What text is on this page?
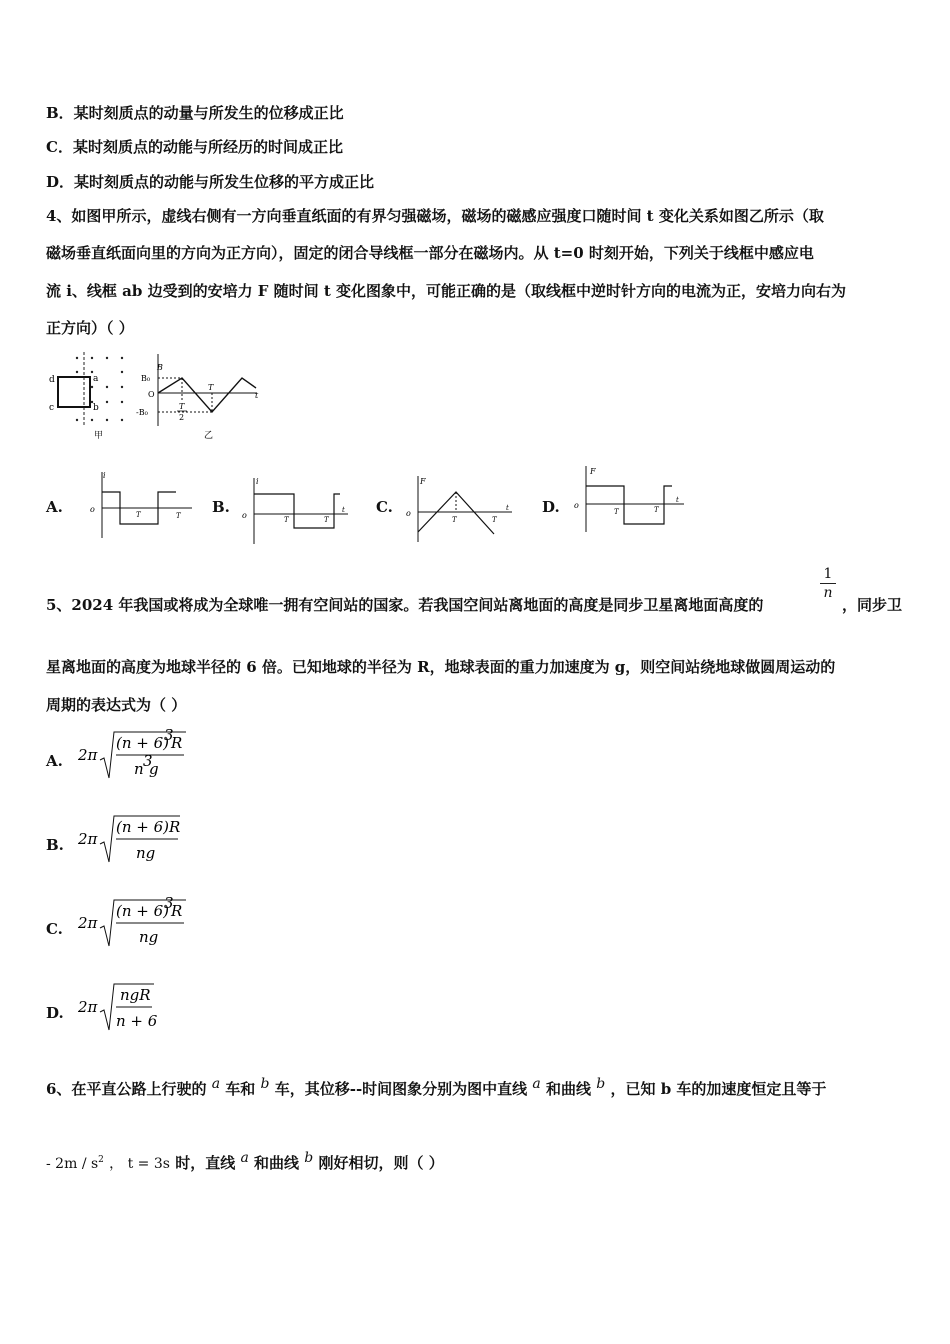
B．某时刻质点的动量与所发生的位移成正比
C．某时刻质点的动能与所经历的时间成正比
D．某时刻质点的动能与所发生位移的平方成正比
4、如图甲所示，虚线右侧有一方向垂直纸面的有界匀强磁场，磁场的磁感应强度口随时间 t 变化关系如图乙所示（取
磁场垂直纸面向里的方向为正方向），固定的闭合导线框一部分在磁场内。从 t=0 时刻开始，下列关于线框中感应电
流 i、线框 ab 边受到的安培力 F 随时间 t 变化图象中，可能正确的是（取线框中逆时针方向的电流为正，安培力向右为
正方向）（ ）
d
c
a
b
甲
B
B₀
O
-B₀
T
2
T
t
乙
A.
i
o
T	T B.
i
o	T	T
t C.
F
o
T	T
t D.
F
o
T	T
t
5、2024 年我国或将成为全球唯一拥有空间站的国家。若我国空间站离地面的高度是同步卫星离地面高度的
1
n
，同步卫
星离地面的高度为地球半径的 6 倍。已知地球的半径为 R，地球表面的重力加速度为 g，则空间站绕地球做圆周运动的
周期的表达式为（ ）
A. 2π
(n + 6)
3
R
n 3
g
B. 2π
(n + 6)R
ng
C. 2π
(n + 6)
3
R
ng
D. 2π
ngR
n + 6
6、在平直公路上行驶的 $^a$ 车和 $^b$ 车，其位移--时间图象分别为图中直线 $^a$ 和曲线 $^b$ ，已知 b 车的加速度恒定且等于
- $2m / s^2$ ， t = 3s 时，直线 $^a$ 和曲线 $^b$ 刚好相切，则（ ）
